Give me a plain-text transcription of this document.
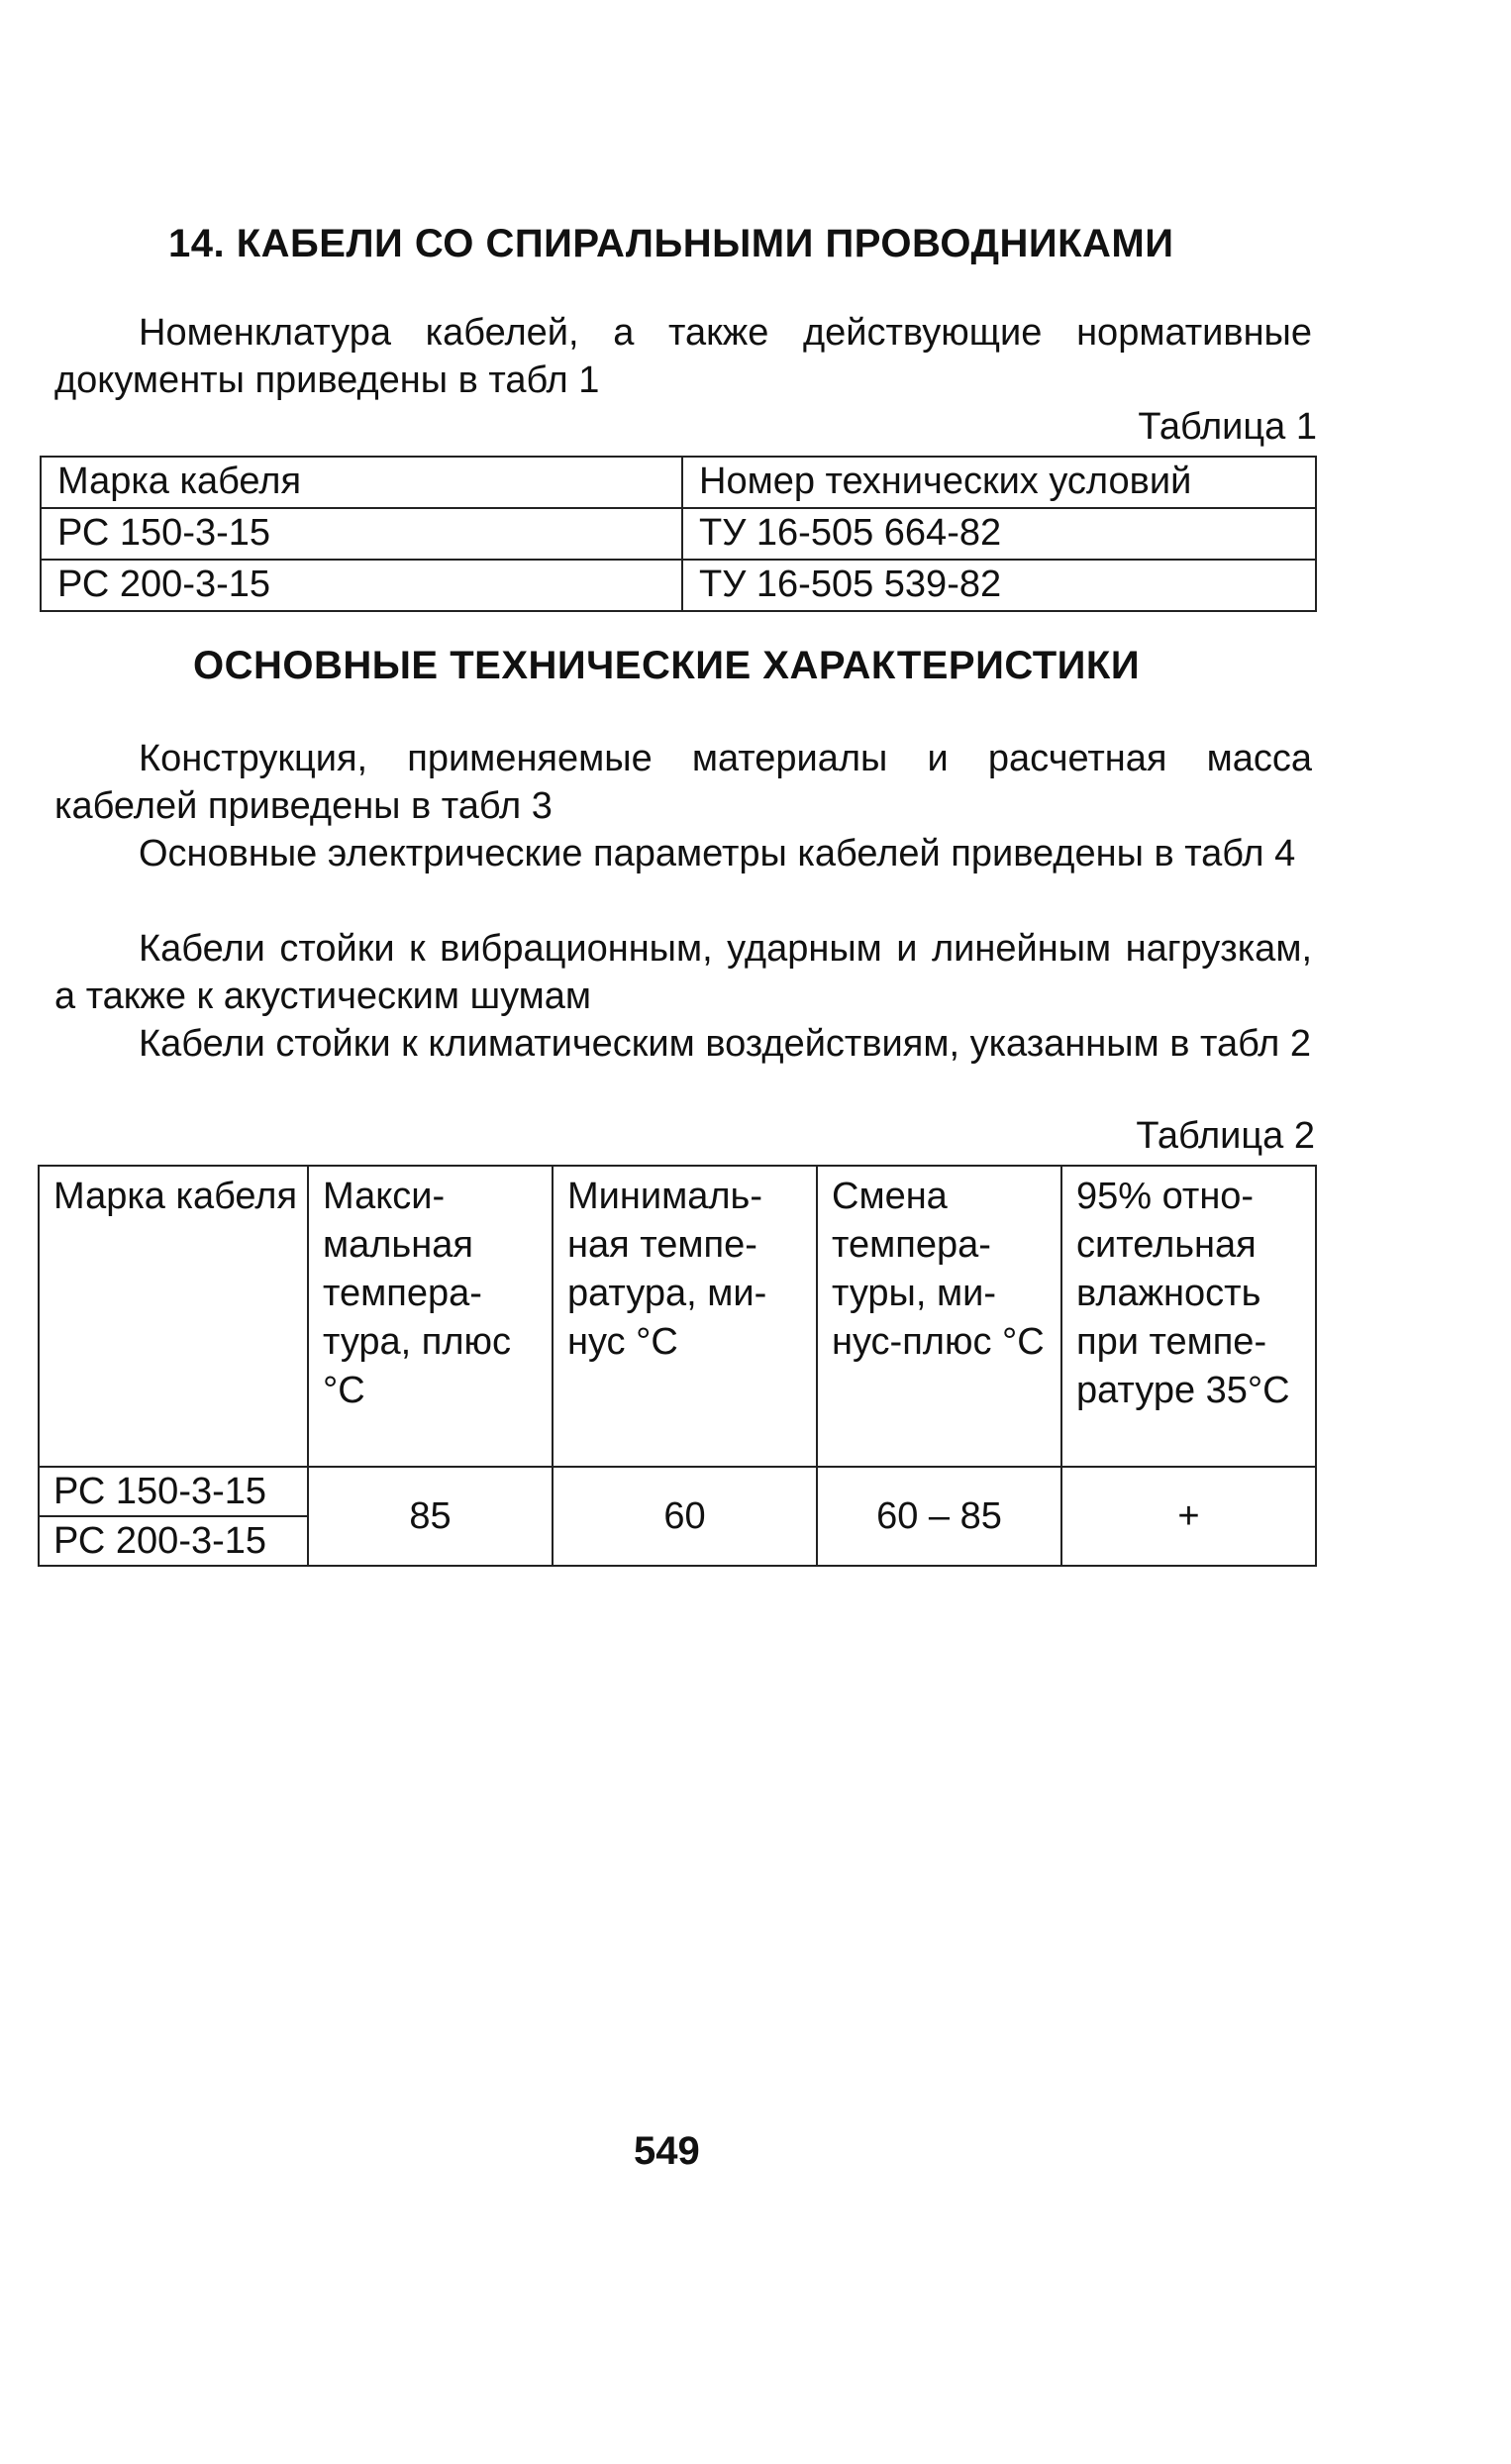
14. КАБЕЛИ СО СПИРАЛЬНЫМИ ПРОВОДНИКАМИ
Номенклатура кабелей, а также действующие нормативные документы приведены в табл 1
Таблица 1
Марка кабеля	Номер технических условий
РС 150-3-15	ТУ 16-505 664-82
РС 200-3-15	ТУ 16-505 539-82
ОСНОВНЫЕ ТЕХНИЧЕСКИЕ ХАРАКТЕРИСТИКИ
Конструкция, применяемые материалы и расчетная масса кабелей приведены в табл 3
Основные электрические параметры кабелей приведены в табл 4
Кабели стойки к вибрационным, ударным и линейным нагрузкам, а также к акустическим шумам
Кабели стойки к климатическим воздействиям, указанным в табл 2
Таблица 2
Марка кабеля	Макси-мальная темпера-тура, плюс °С	Минималь-ная темпе-ратура, ми-нус °С	Смена темпера-туры, ми-нус-плюс °С	95% отно-сительная влажность при темпе-ратуре 35°С
РС 150-3-15	85	60	60 – 85	+
РС 200-3-15				
549
